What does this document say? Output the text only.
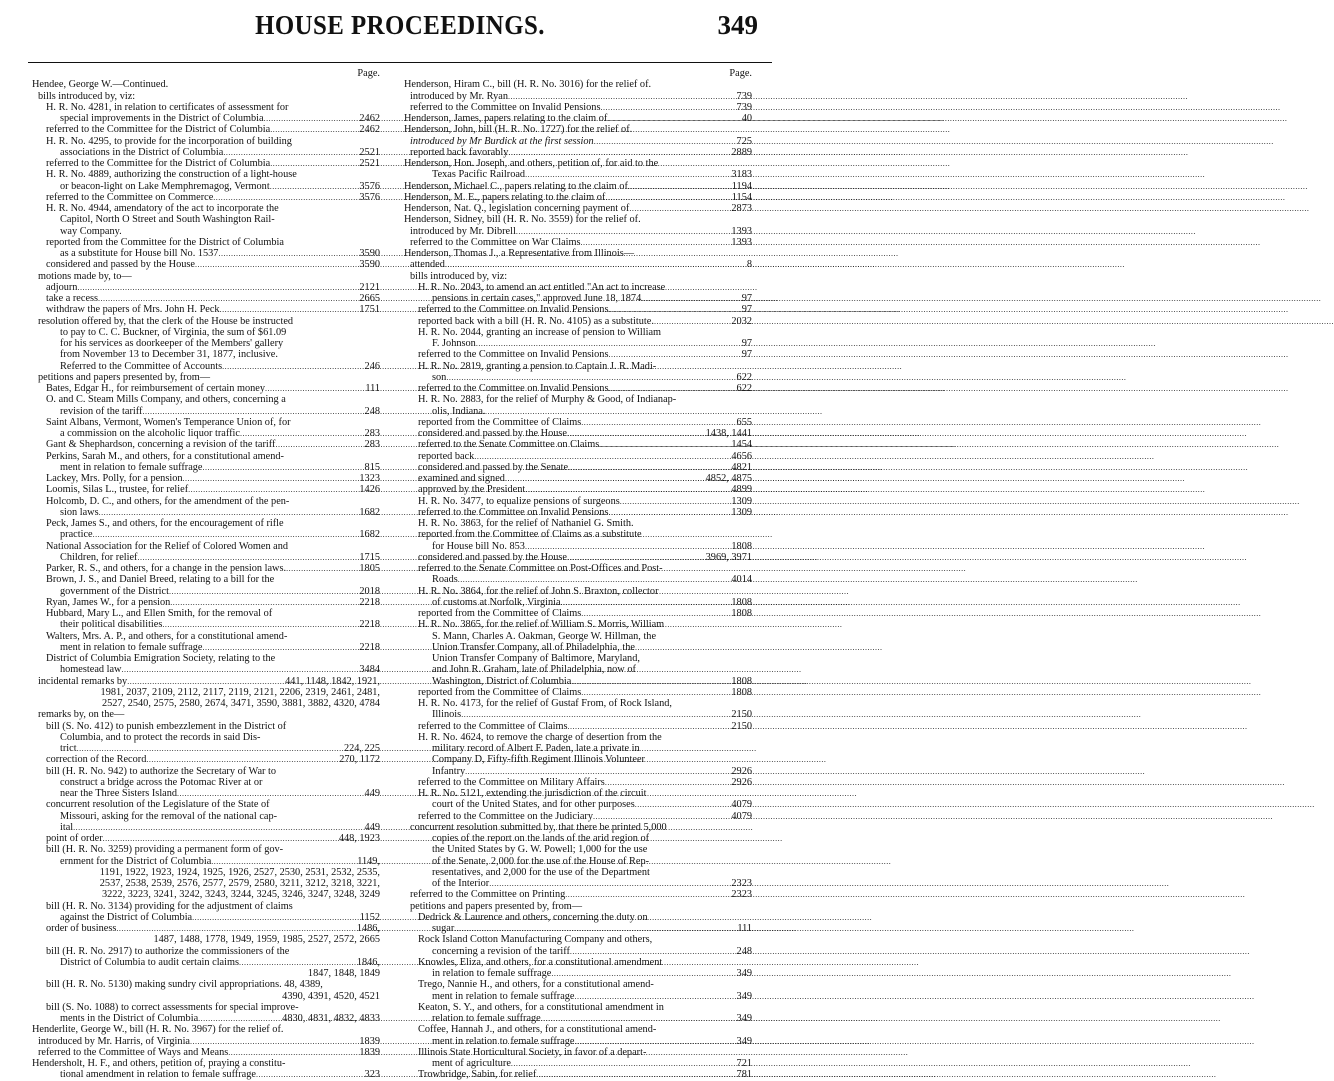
HOUSE PROCEEDINGS.	349
Page.
Hendee, George W.—Continued.
bills introduced by, viz:
H. R. No. 4281, in relation to certificates of assessment for
special improvements in the District of Columbia .....	2462
referred to the Committee for the District of Columbia .....	2462
H. R. No. 4295, to provide for the incorporation of building
associations in the District of Columbia .....	2521
referred to the Committee for the District of Columbia .....	2521
H. R. No. 4889, authorizing the construction of a light-house
or beacon-light on Lake Memphremagog, Vermont .....	3576
referred to the Committee on Commerce .....	3576
H. R. No. 4944, amendatory of the act to incorporate the
Capitol, North O Street and South Washington Rail-
way Company.
reported from the Committee for the District of Columbia
as a substitute for House bill No. 1537 .....	3590
considered and passed by the House .....	3590
motions made by, to—
adjourn .....	2121
take a recess .....	2665
withdraw the papers of Mrs. John H. Peck .....	1751
resolution offered by, that the clerk of the House be instructed
to pay to C. C. Buckner, of Virginia, the sum of $61.09
for his services as doorkeeper of the Members' gallery
from November 13 to December 31, 1877, inclusive.
Referred to the Committee of Accounts .....	246
petitions and papers presented by, from—
Bates, Edgar H., for reimbursement of certain money .....	111
O. and C. Steam Mills Company, and others, concerning a
revision of the tariff .....	248
Saint Albans, Vermont, Women's Temperance Union of, for
a commission on the alcoholic liquor traffic .....	283
Gant & Shephardson, concerning a revision of the tariff .....	283
Perkins, Sarah M., and others, for a constitutional amend-
ment in relation to female suffrage .....	815
Lackey, Mrs. Polly, for a pension .....	1323
Loomis, Silas L., trustee, for relief .....	1426
Holcomb, D. C., and others, for the amendment of the pen-
sion laws .....	1682
Peck, James S., and others, for the encouragement of rifle
practice .....	1682
National Association for the Relief of Colored Women and
Children, for relief .....	1715
Parker, R. S., and others, for a change in the pension laws. .....	1805
Brown, J. S., and Daniel Breed, relating to a bill for the
government of the District .....	2018
Ryan, James W., for a pension .....	2218
Hubbard, Mary L., and Ellen Smith, for the removal of
their political disabilities .....	2218
Walters, Mrs. A. P., and others, for a constitutional amend-
ment in relation to female suffrage .....	2218
District of Columbia Emigration Society, relating to the
homestead law .....	3484
incidental remarks by .....	441, 1148, 1842, 1921,
1981, 2037, 2109, 2112, 2117, 2119, 2121, 2206, 2319, 2461, 2481,
2527, 2540, 2575, 2580, 2674, 3471, 3590, 3881, 3882, 4320, 4784
remarks by, on the—
bill (S. No. 412) to punish embezzlement in the District of
Columbia, and to protect the records in said Dis-
trict .....	224, 225
correction of the Record .....	270, 1172
bill (H. R. No. 942) to authorize the Secretary of War to
construct a bridge across the Potomac River at or
near the Three Sisters Island .....	449
concurrent resolution of the Legislature of the State of
Missouri, asking for the removal of the national cap-
ital .....	449
point of order .....	448, 1923
bill (H. R. No. 3259) providing a permanent form of gov-
ernment for the District of Columbia .....	1149,
1191, 1922, 1923, 1924, 1925, 1926, 2527, 2530, 2531, 2532, 2535,
2537, 2538, 2539, 2576, 2577, 2579, 2580, 3211, 3212, 3218, 3221,
3222, 3223, 3241, 3242, 3243, 3244, 3245, 3246, 3247, 3248, 3249
bill (H. R. No. 3134) providing for the adjustment of claims
against the District of Columbia .....	1152
order of business .....	1486,
1487, 1488, 1778, 1949, 1959, 1985, 2527, 2572, 2665
bill (H. R. No. 2917) to authorize the commissioners of the
District of Columbia to audit certain claims .....	1846,
1847, 1848, 1849
bill (H. R. No. 5130) making sundry civil appropriations. 48, 4389,
4390, 4391, 4520, 4521
bill (S. No. 1088) to correct assessments for special improve-
ments in the District of Columbia .....	4830, 4831, 4832, 4833
Henderlite, George W., bill (H. R. No. 3967) for the relief of.
introduced by Mr. Harris, of Virginia .....	1839
referred to the Committee of Ways and Means .....	1839
Hendersholt, H. F., and others, petition of, praying a constitu-
tional amendment in relation to female suffrage .....	323
Page.
Henderson, Hiram C., bill (H. R. No. 3016) for the relief of.
introduced by Mr. Ryan .....	739
referred to the Committee on Invalid Pensions .....	739
Henderson, James, papers relating to the claim of .....	40
Henderson, John, bill (H. R. No. 1727) for the relief of.
introduced by Mr Burdick at the first session .....	725
reported back favorably .....	2889
Henderson, Hon. Joseph, and others, petition of, for aid to the
Texas Pacific Railroad .....	3183
Henderson, Michael C., papers relating to the claim of .....	1194
Henderson, M. E., papers relating to the claim of .....	1154
Henderson, Nat. Q., legislation concerning payment of .....	2873
Henderson, Sidney, bill (H. R. No. 3559) for the relief of.
introduced by Mr. Dibrell .....	1393
referred to the Committee on War Claims .....	1393
Henderson, Thomas J., a Representative from Illinois—
attended .....	8
bills introduced by, viz:
H. R. No. 2043, to amend an act entitled "An act to increase
pensions in certain cases," approved June 18, 1874 .....	97
referred to the Committee on Invalid Pensions .....	97
reported back with a bill (H. R. No. 4105) as a substitute. .....	2032
H. R. No. 2044, granting an increase of pension to William
F. Johnson .....	97
referred to the Committee on Invalid Pensions .....	97
H. R. No. 2819, granting a pension to Captain J. R. Madi-
son .....	622
referred to the Committee on Invalid Pensions .....	622
H. R. No. 2883, for the relief of Murphy & Good, of Indianap-
olis, Indiana.
reported from the Committee of Claims .....	655
considered and passed by the House .....	1438, 1441
referred to the Senate Committee on Claims .....	1454
reported back .....	4656
considered and passed by the Senate .....	4821
examined and signed .....	4852, 4875
approved by the President .....	4899
H. R. No. 3477, to equalize pensions of surgeons .....	1309
referred to the Committee on Invalid Pensions .....	1309
H. R. No. 3863, for the relief of Nathaniel G. Smith.
reported from the Committee of Claims as a substitute
for House bill No. 853 .....	1808
considered and passed by the House .....	3969, 3971
referred to the Senate Committee on Post-Offices and Post-
Roads .....	4014
H. R. No. 3864, for the relief of John S. Braxton, collector
of customs at Norfolk, Virginia .....	1808
reported from the Committee of Claims .....	1808
H. R. No. 3865, for the relief of William S. Morris, William
S. Mann, Charles A. Oakman, George W. Hillman, the
Union Transfer Company, all of Philadelphia, the
Union Transfer Company of Baltimore, Maryland,
and John R. Graham, late of Philadelphia, now of
Washington, District of Columbia .....	1808
reported from the Committee of Claims .....	1808
H. R. No. 4173, for the relief of Gustaf From, of Rock Island,
Illinois .....	2150
referred to the Committee of Claims .....	2150
H. R. No. 4624, to remove the charge of desertion from the
military record of Albert F. Paden, late a private in
Company D, Fifty-fifth Regiment Illinois Volunteer
Infantry .....	2926
referred to the Committee on Military Affairs .....	2926
H. R. No. 5121, extending the jurisdiction of the circuit
court of the United States, and for other purposes .....	4079
referred to the Committee on the Judiciary .....	4079
concurrent resolution submitted by, that there be printed 5,000
copies of the report on the lands of the arid region of
the United States by G. W. Powell; 1,000 for the use
of the Senate, 2,000 for the use of the House of Rep-
resentatives, and 2,000 for the use of the Department
of the Interior .....	2323
referred to the Committee on Printing .....	2323
petitions and papers presented by, from—
Dedrick & Laurence and others, concerning the duty on
sugar .....	111
Rock Island Cotton Manufacturing Company and others,
concerning a revision of the tariff .....	248
Knowles, Eliza, and others, for a constitutional amendment
in relation to female suffrage .....	349
Trego, Nannie H., and others, for a constitutional amend-
ment in relation to female suffrage .....	349
Keaton, S. Y., and others, for a constitutional amendment in
relation to female suffrage .....	349
Coffee, Hannah J., and others, for a constitutional amend-
ment in relation to female suffrage .....	349
Illinois State Horticultural Society, in favor of a depart-
ment of agriculture .....	721
Trowbridge, Sabin, for relief .....	781
